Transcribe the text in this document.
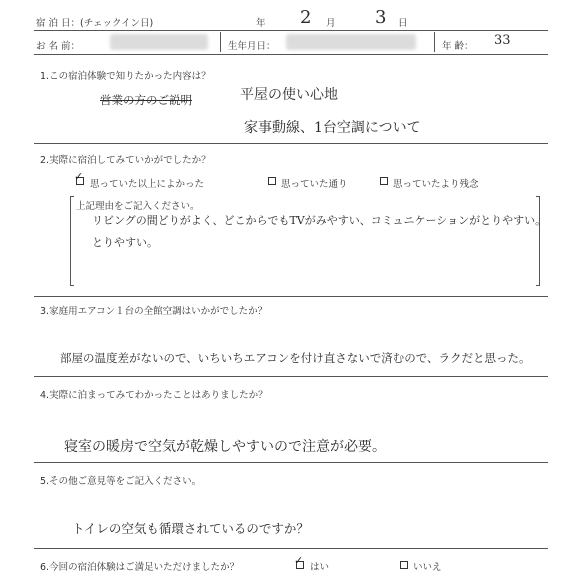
宿 泊 日：(チェックイン日)	年 2 月 3 日
お 名 前：	生年月日：	年 齢： 33
1.この宿泊体験で知りたかった内容は？
営業の方のご説明	平屋の使い心地
家事動線、1台空調について
2.実際に宿泊してみていかがでしたか？
✓
思っていた以上によかった	思っていた通り	思っていたより残念
上記理由をご記入ください。
リビングの間どりがよく、どこからでもTVがみやすい、コミュニケーションがとりやすい。
とりやすい。
3.家庭用エアコン１台の全館空調はいかがでしたか？
部屋の温度差がないので、いちいちエアコンを付け直さないで済むので、ラクだと思った。
4.実際に泊まってみてわかったことはありましたか？
寝室の暖房で空気が乾燥しやすいので注意が必要。
5.その他ご意見等をご記入ください。
トイレの空気も循環されているのですか？
6.今回の宿泊体験はご満足いただけましたか？
✓
はい	いいえ
